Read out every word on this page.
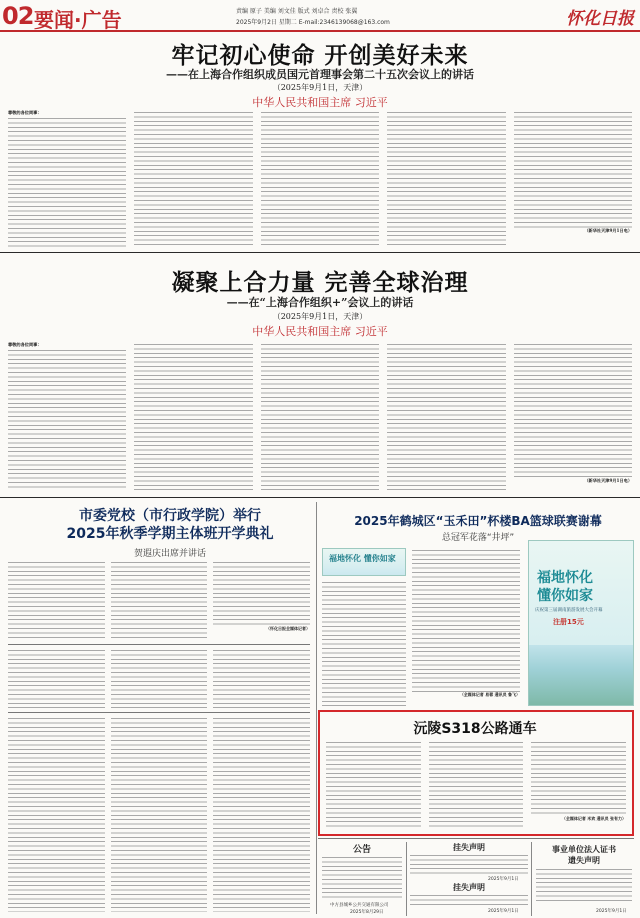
02 要闻·广告	责编 原子 美编 刘文佳 版式 刘卓合 责校 张翼
2025年9月2日 星期二 E-mail:2346139068@163.com	怀化日报
牢记初心使命 开创美好未来
——在上海合作组织成员国元首理事会第二十五次会议上的讲话
（2025年9月1日，天津）
中华人民共和国主席 习近平
尊敬的各位同事：
（新华社天津9月1日电）
凝聚上合力量 完善全球治理
——在“上海合作组织+”会议上的讲话
（2025年9月1日，天津）
中华人民共和国主席 习近平
尊敬的各位同事：
（新华社天津9月1日电）
市委党校（市行政学院）举行
2025年秋季学期主体班开学典礼
贺遐庆出席并讲话
（怀化日报全媒体记者）
2025年鹤城区“玉禾田”杯楼BA篮球联赛谢幕
总冠军花落“井坪”
福地怀化 懂你如家
（全媒体记者 易蓉 通讯员 鲁飞）
福地怀化
懂你如家
庆祝第三届湖南旅游发展大会开幕
注册15元
沅陵S318公路通车
（全媒体记者 米欢 通讯员 张有力）
公告
中方县城乡公共交通有限公司
2025年8月29日
挂失声明
2025年9月1日
挂失声明
2025年9月1日
事业单位法人证书
遗失声明
2025年9月1日
